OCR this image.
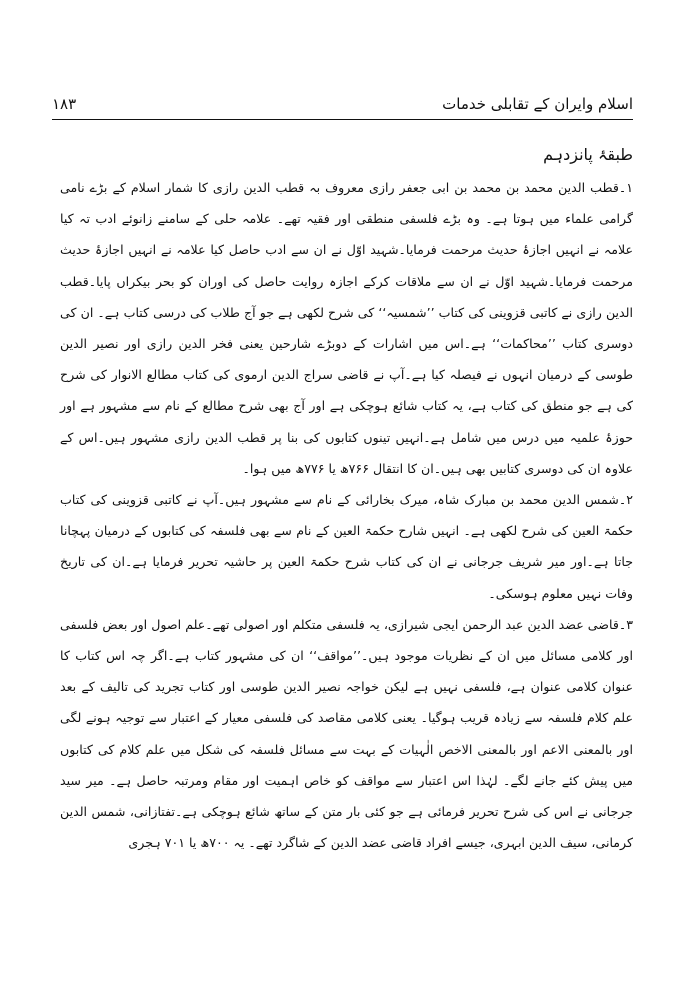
اسلام وایران کے تقابلی خدمات
۱۸۳
طبقۂ پانزدہم

۱۔قطب الدین محمد بن محمد بن ابی جعفر رازی معروف بہ قطب الدین رازی کا شمار اسلام کے بڑے نامی گرامی علماء میں ہوتا ہے۔ وہ بڑے فلسفی منطقی اور فقیہ تھے۔ علامہ حلی کے سامنے زانوئے ادب تہ کیا علامہ نے انہیں اجازۂ حدیث مرحمت فرمایا۔شہید اوّل نے ان سے ادب حاصل کیا علامہ نے انہیں اجازۂ حدیث مرحمت فرمایا۔شہید اوّل نے ان سے ملاقات کرکے اجازہ روایت حاصل کی اوران کو بحر بیکراں پایا۔قطب الدین رازی نے کاتبی قزوینی کی کتاب ’’شمسیہ‘‘ کی شرح لکھی ہے جو آج طلاب کی درسی کتاب ہے۔ ان کی دوسری کتاب ’’محاکمات‘‘ ہے۔اس میں اشارات کے دوبڑے شارحین یعنی فخر الدین رازی اور نصیر الدین طوسی کے درمیان انہوں نے فیصلہ کیا ہے۔آپ نے قاضی سراج الدین ارموی کی کتاب مطالع الانوار کی شرح کی ہے جو منطق کی کتاب ہے، یہ کتاب شائع ہوچکی ہے اور آج بھی شرح مطالع کے نام سے مشہور ہے اور حوزۂ علمیہ میں درس میں شامل ہے۔انہیں تینوں کتابوں کی بنا پر قطب الدین رازی مشہور ہیں۔اس کے علاوہ ان کی دوسری کتابیں بھی ہیں۔ان کا انتقال ۷۶۶ھ یا ۷۷۶ھ میں ہوا۔

۲۔شمس الدین محمد بن مبارک شاہ، میرک بخارائی کے نام سے مشہور ہیں۔آپ نے کاتبی قزوینی کی کتاب حکمۃ العین کی شرح لکھی ہے۔ انہیں شارح حکمۃ العین کے نام سے بھی فلسفہ کی کتابوں کے درمیان پہچانا جاتا ہے۔اور میر شریف جرجانی نے ان کی کتاب شرح حکمۃ العین پر حاشیہ تحریر فرمایا ہے۔ان کی تاریخ وفات نہیں معلوم ہوسکی۔

۳۔قاضی عضد الدین عبد الرحمن ایجی شیرازی، یہ فلسفی متکلم اور اصولی تھے۔علم اصول اور بعض فلسفی اور کلامی مسائل میں ان کے نظریات موجود ہیں۔’’مواقف‘‘ ان کی مشہور کتاب ہے۔اگر چہ اس کتاب کا عنوان کلامی عنوان ہے، فلسفی نہیں ہے لیکن خواجہ نصیر الدین طوسی اور کتاب تجرید کی تالیف کے بعد علم کلام فلسفہ سے زیادہ قریب ہوگیا۔ یعنی کلامی مقاصد کی فلسفی معیار کے اعتبار سے توجیہ ہونے لگی اور بالمعنی الاعم اور بالمعنی الاخص الٰہیات کے بہت سے مسائل فلسفہ کی شکل میں علم کلام کی کتابوں میں پیش کئے جانے لگے۔ لہٰذا اس اعتبار سے مواقف کو خاص اہمیت اور مقام ومرتبہ حاصل ہے۔ میر سید جرجانی نے اس کی شرح تحریر فرمائی ہے جو کئی بار متن کے ساتھ شائع ہوچکی ہے۔تفتازانی، شمس الدین کرمانی، سیف الدین ابہری، جیسے افراد قاضی عضد الدین کے شاگرد تھے۔ یہ ۷۰۰ھ یا ۷۰۱ ہجری
